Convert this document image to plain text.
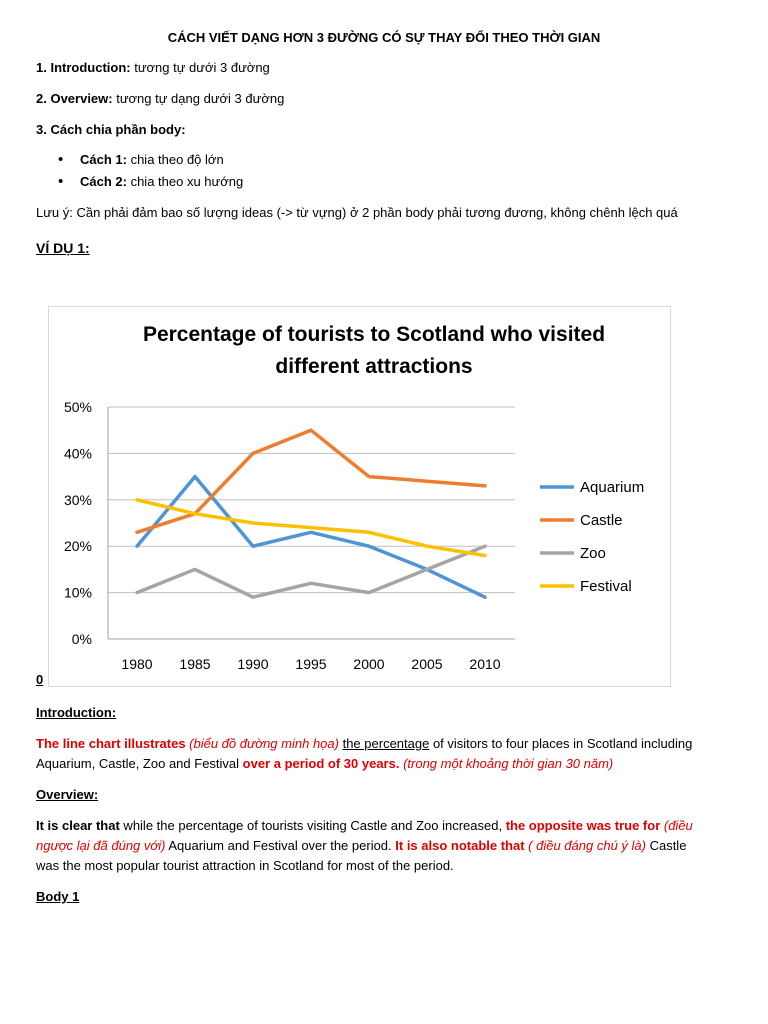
CÁCH VIẾT DẠNG HƠN 3 ĐƯỜNG CÓ SỰ THAY ĐỔI THEO THỜI GIAN
1. Introduction: tương tự dưới 3 đường
2. Overview: tương tự dạng dưới 3 đường
3. Cách chia phần body:
•
Cách 1: chia theo độ lớn
•
Cách 2: chia theo xu hướng
Lưu ý: Cần phải đảm bao số lượng ideas (-> từ vựng) ở 2 phần body phải tương đương, không chênh lệch quá
VÍ DỤ 1:
Percentage of tourists to Scotland who visited
different attractions
0%
10%
20%
30%
40%
50%
1980 1985 1990 1995 2000 2005 2010
Aquarium
Castle
Zoo
Festival
0
Introduction:
The line chart illustrates (biểu đồ đường minh họa) the percentage of visitors to four places in Scotland including
Aquarium, Castle, Zoo and Festival over a period of 30 years. (trong một khoảng thời gian 30 năm)
Overview:
It is clear that while the percentage of tourists visiting Castle and Zoo increased, the opposite was true for (điều
ngược lại đã đúng với) Aquarium and Festival over the period. It is also notable that ( điều đáng chú ý là) Castle
was the most popular tourist attraction in Scotland for most of the period.
Body 1
